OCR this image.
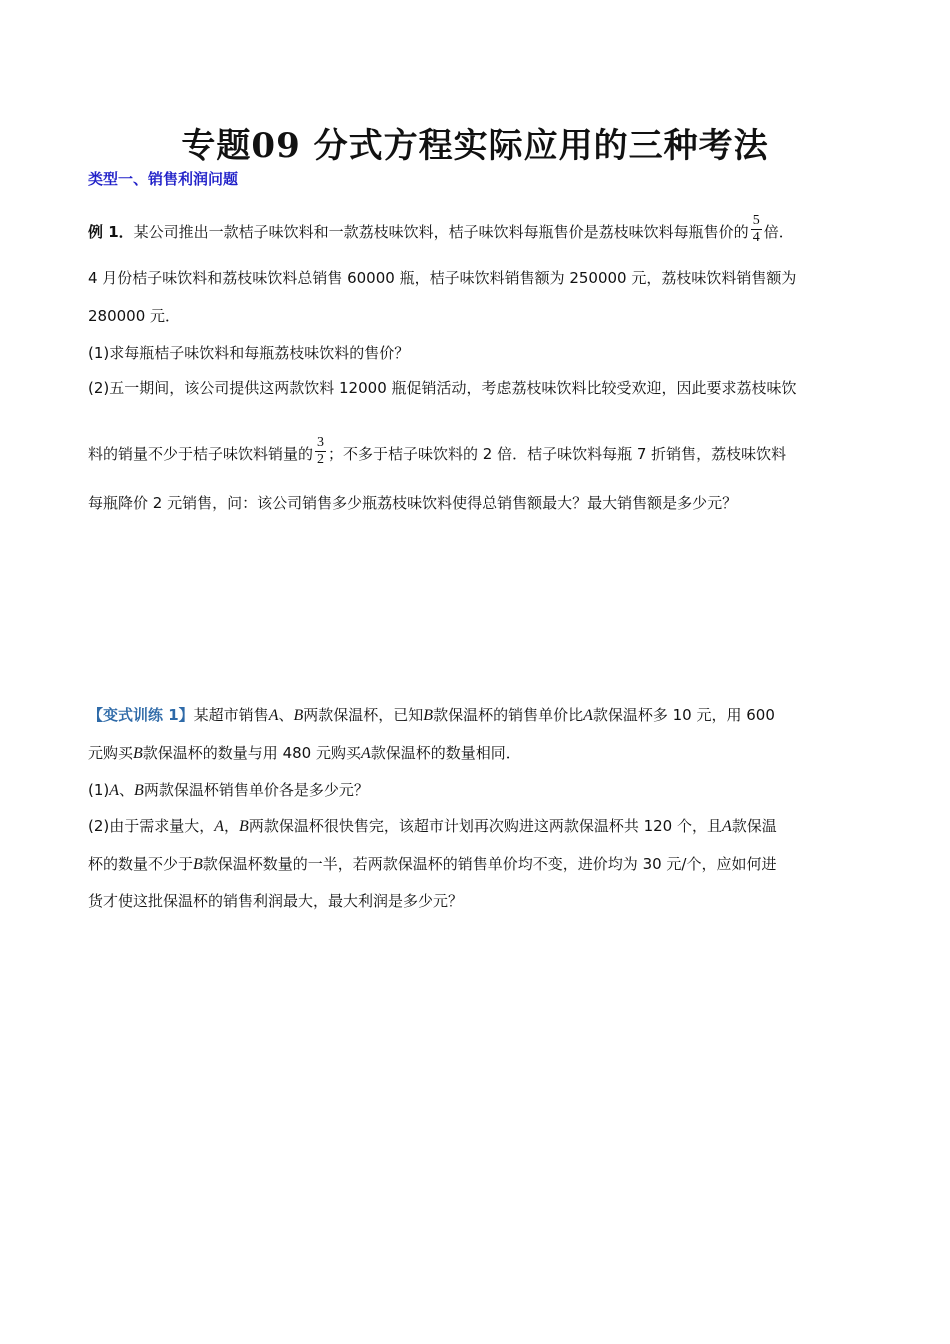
专题09 分式方程实际应用的三种考法
类型一、销售利润问题
例 1．某公司推出一款桔子味饮料和一款荔枝味饮料，桔子味饮料每瓶售价是荔枝味饮料每瓶售价的 $\frac{5}{4}$ 倍．
4 月份桔子味饮料和荔枝味饮料总销售 60000 瓶，桔子味饮料销售额为 250000 元，荔枝味饮料销售额为
280000 元．
(1)求每瓶桔子味饮料和每瓶荔枝味饮料的售价？
(2)五一期间，该公司提供这两款饮料 12000 瓶促销活动，考虑荔枝味饮料比较受欢迎，因此要求荔枝味饮
料的销量不少于桔子味饮料销量的 $\frac{3}{2}$ ；不多于桔子味饮料的 2 倍．桔子味饮料每瓶 7 折销售，荔枝味饮料
每瓶降价 2 元销售，问：该公司销售多少瓶荔枝味饮料使得总销售额最大？最大销售额是多少元？
【变式训练 1】某超市销售A、B两款保温杯，已知B款保温杯的销售单价比A款保温杯多 10 元，用 600
元购买B款保温杯的数量与用 480 元购买A款保温杯的数量相同．
(1)A、B两款保温杯销售单价各是多少元？
(2)由于需求量大，A，B两款保温杯很快售完，该超市计划再次购进这两款保温杯共 120 个，且A款保温
杯的数量不少于B款保温杯数量的一半，若两款保温杯的销售单价均不变，进价均为 30 元/个，应如何进
货才使这批保温杯的销售利润最大，最大利润是多少元？
